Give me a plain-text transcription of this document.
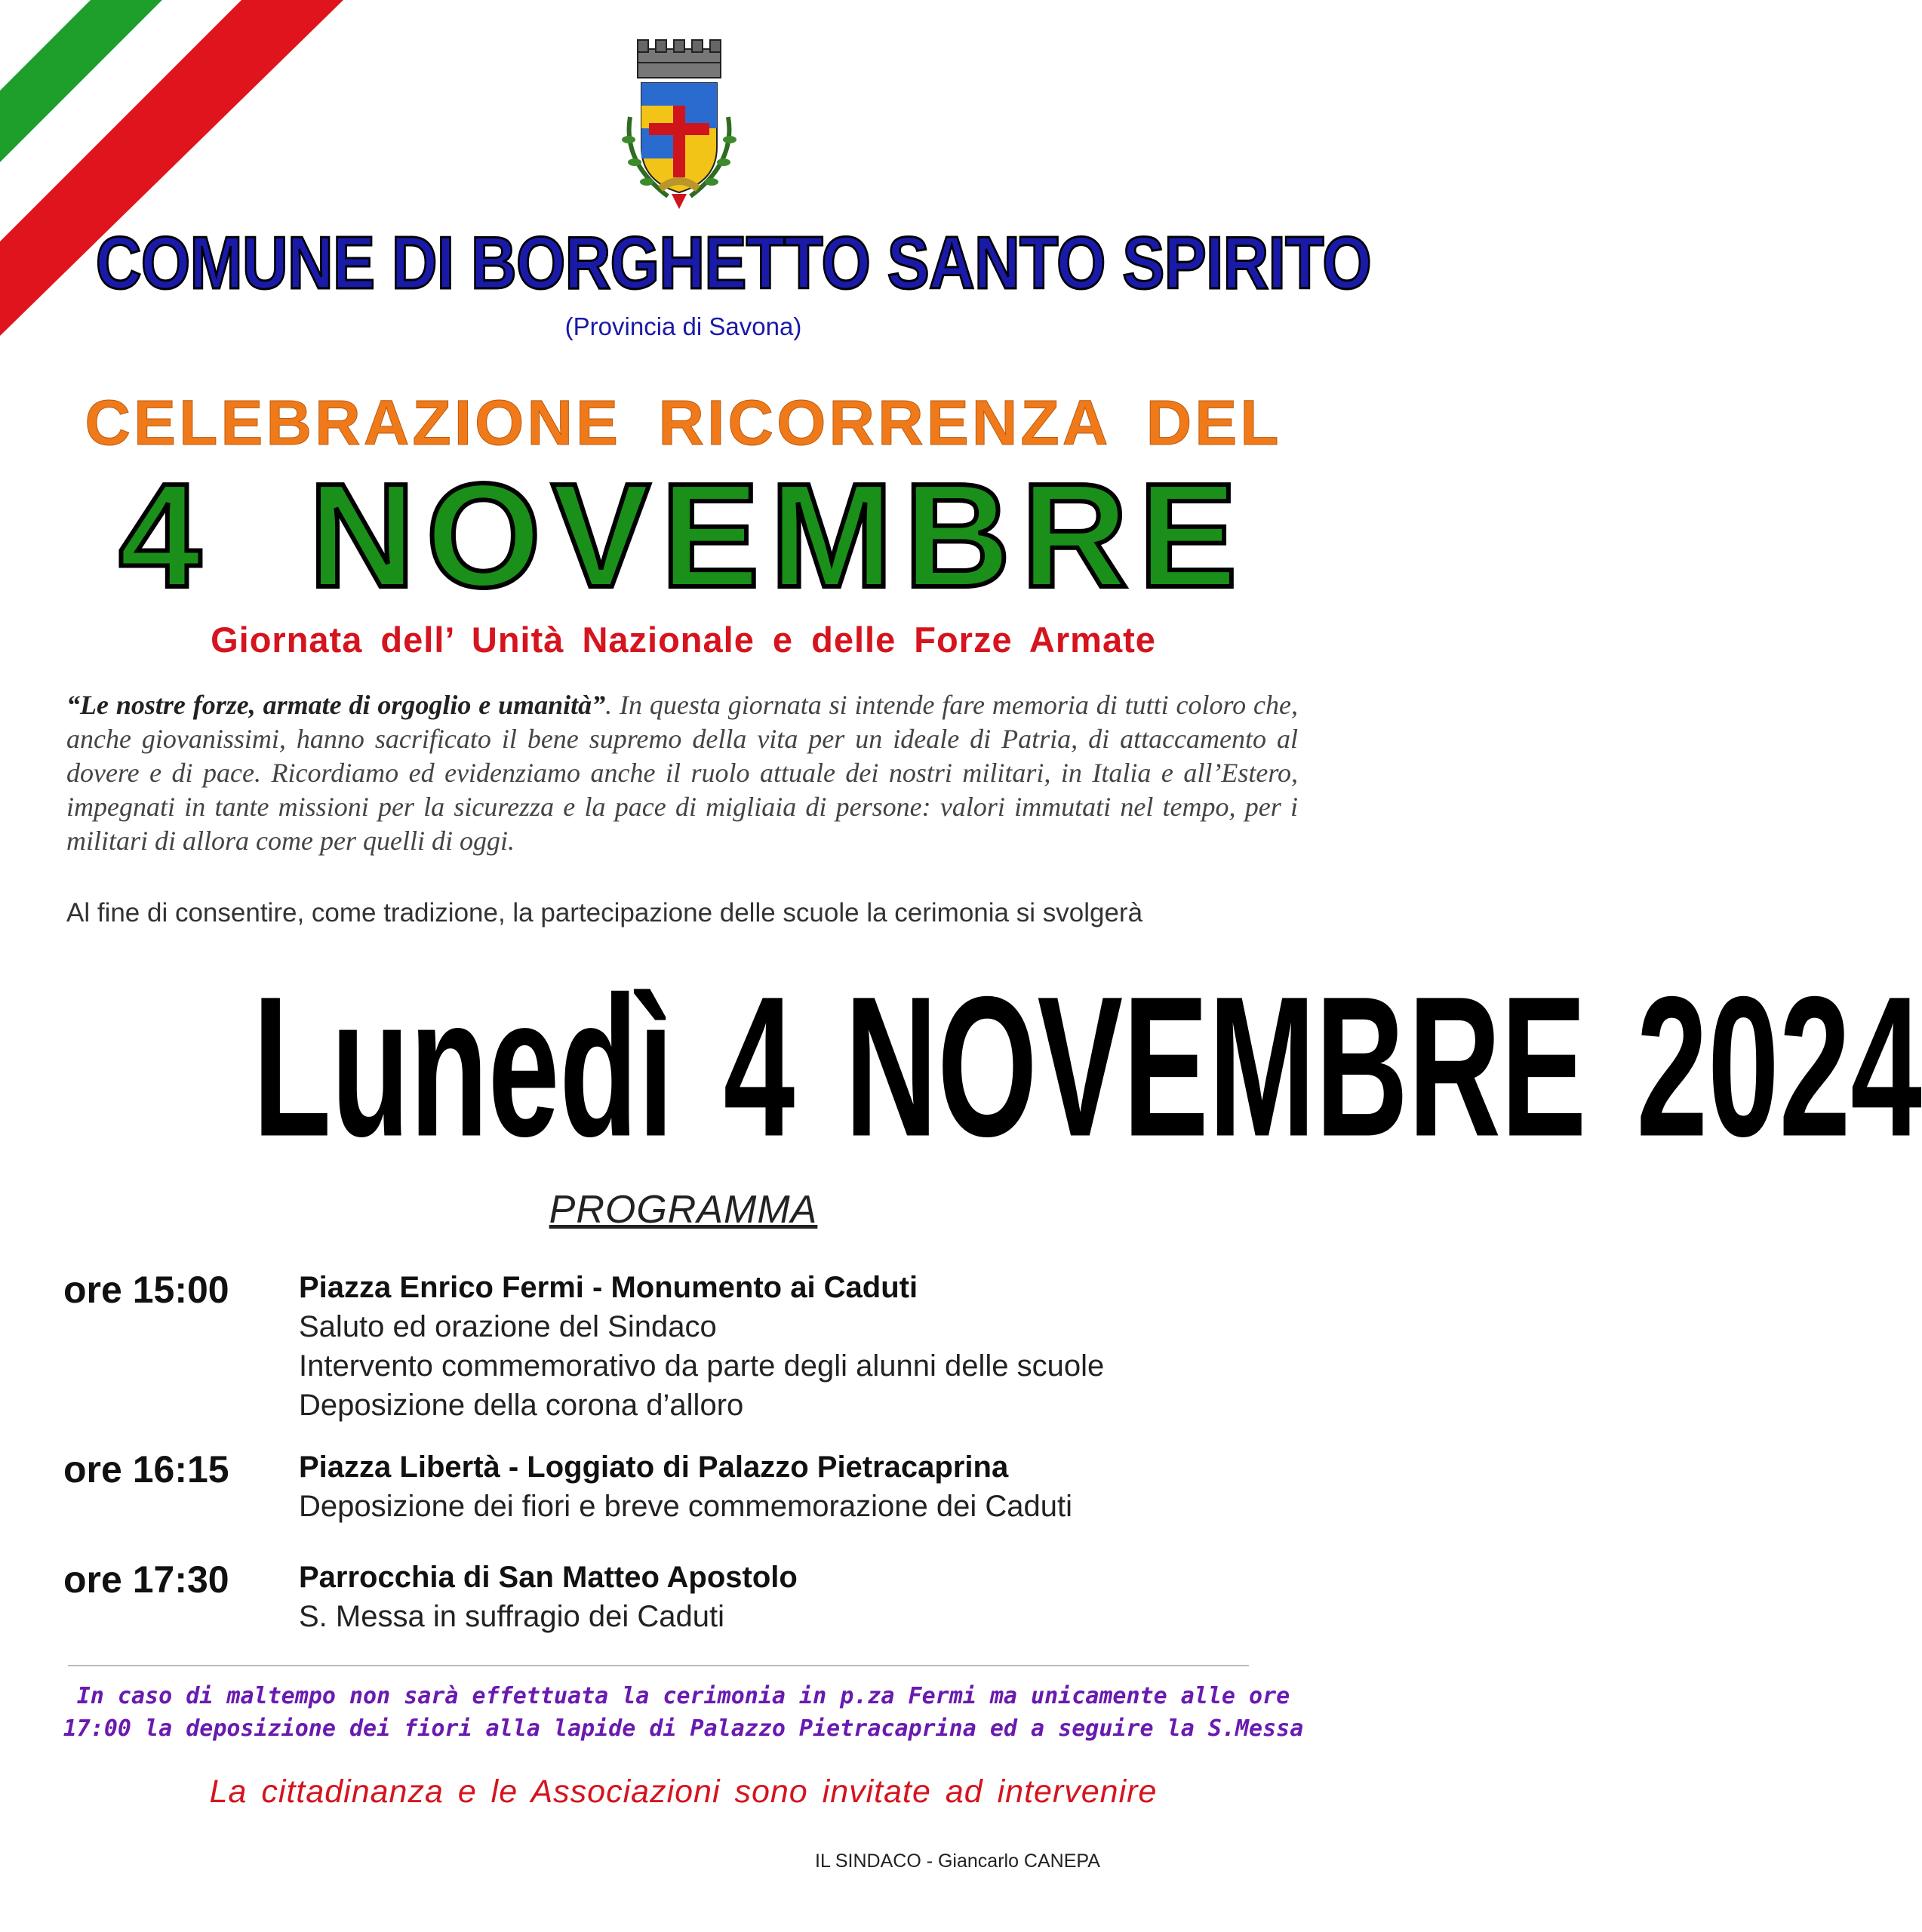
COMUNE DI BORGHETTO SANTO SPIRITO
(Provincia di Savona)
CELEBRAZIONE RICORRENZA DEL
4 NOVEMBRE
Giornata dell’ Unità Nazionale e delle Forze Armate
“Le nostre forze, armate di orgoglio e umanità”. In questa giornata si intende fare memoria di tutti coloro che, anche giovanissimi, hanno sacrificato il bene supremo della vita per un ideale di Patria, di attaccamento al dovere e di pace. Ricordiamo ed evidenziamo anche il ruolo attuale dei nostri militari, in Italia e all’Estero, impegnati in tante missioni per la sicurezza e la pace di migliaia di persone: valori immutati nel tempo, per i militari di allora come per quelli di oggi.
Al fine di consentire, come tradizione, la partecipazione delle scuole la cerimonia si svolgerà
Lunedì 4 NOVEMBRE 2024
PROGRAMMA
ore 15:00 Piazza Enrico Fermi - Monumento ai Caduti
Saluto ed orazione del Sindaco
Intervento commemorativo da parte degli alunni delle scuole
Deposizione della corona d’alloro
ore 16:15 Piazza Libertà - Loggiato di Palazzo Pietracaprina
Deposizione dei fiori e breve commemorazione dei Caduti
ore 17:30 Parrocchia di San Matteo Apostolo
S. Messa in suffragio dei Caduti
In caso di maltempo non sarà effettuata la cerimonia in p.za Fermi ma unicamente alle ore
17:00 la deposizione dei fiori alla lapide di Palazzo Pietracaprina ed a seguire la S.Messa
La cittadinanza e le Associazioni sono invitate ad intervenire
IL SINDACO - Giancarlo CANEPA
